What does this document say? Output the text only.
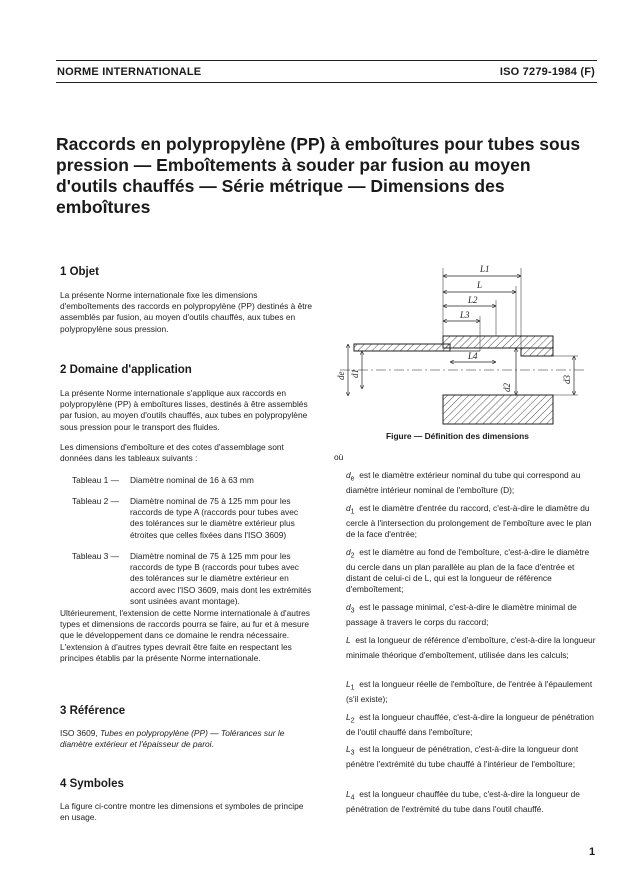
NORME INTERNATIONALE	ISO 7279-1984 (F)
Raccords en polypropylène (PP) à emboîtures pour tubes sous pression — Emboîtements à souder par fusion au moyen d'outils chauffés — Série métrique — Dimensions des emboîtures
1 Objet
La présente Norme internationale fixe les dimensions d'emboîtements des raccords en polypropylène (PP) destinés à être assemblés par fusion, au moyen d'outils chauffés, aux tubes en polypropylène sous pression.
2 Domaine d'application
La présente Norme internationale s'applique aux raccords en polypropylène (PP) à emboîtures lisses, destinés à être assemblés par fusion, au moyen d'outils chauffés, aux tubes en polypropylène sous pression pour le transport des fluides.
Les dimensions d'emboîture et des cotes d'assemblage sont données dans les tableaux suivants :
Tableau 1 — Diamètre nominal de 16 à 63 mm
Tableau 2 — Diamètre nominal de 75 à 125 mm pour les raccords de type A (raccords pour tubes avec des tolérances sur le diamètre extérieur plus étroites que celles fixées dans l'ISO 3609)
Tableau 3 — Diamètre nominal de 75 à 125 mm pour les raccords de type B (raccords pour tubes avec des tolérances sur le diamètre extérieur en accord avec l'ISO 3609, mais dont les extrémités sont usinées avant montage).
Ultérieurement, l'extension de cette Norme internationale à d'autres types et dimensions de raccords pourra se faire, au fur et à mesure que le développement dans ce domaine le rendra nécessaire. L'extension à d'autres types devrait être faite en respectant les principes établis par la présente Norme internationale.
3 Référence
ISO 3609, Tubes en polypropylène (PP) — Tolérances sur le diamètre extérieur et l'épaisseur de paroi.
4 Symboles
La figure ci-contre montre les dimensions et symboles de principe en usage.
L1
L
L2
L3
L4
de d1
d2
d3
Figure — Définition des dimensions
où
$d_e$ est le diamètre extérieur nominal du tube qui correspond au diamètre intérieur nominal de l'emboîture (D);
$d_1$ est le diamètre d'entrée du raccord, c'est-à-dire le diamètre du cercle à l'intersection du prolongement de l'emboîture avec le plan de la face d'entrée;
$d_2$ est le diamètre au fond de l'emboîture, c'est-à-dire le diamètre du cercle dans un plan parallèle au plan de la face d'entrée et distant de celui-ci de L, qui est la longueur de référence d'emboîtement;
$d_3$ est le passage minimal, c'est-à-dire le diamètre minimal de passage à travers le corps du raccord;
L est la longueur de référence d'emboîture, c'est-à-dire la longueur minimale théorique d'emboîtement, utilisée dans les calculs;
$L_1$ est la longueur réelle de l'emboîture, de l'entrée à l'épaulement (s'il existe);
$L_2$ est la longueur chauffée, c'est-à-dire la longueur de pénétration de l'outil chauffé dans l'emboîture;
$L_3$ est la longueur de pénétration, c'est-à-dire la longueur dont pénètre l'extrémité du tube chauffé à l'intérieur de l'emboîture;
$L_4$ est la longueur chauffée du tube, c'est-à-dire la longueur de pénétration de l'extrémité du tube dans l'outil chauffé.
1
